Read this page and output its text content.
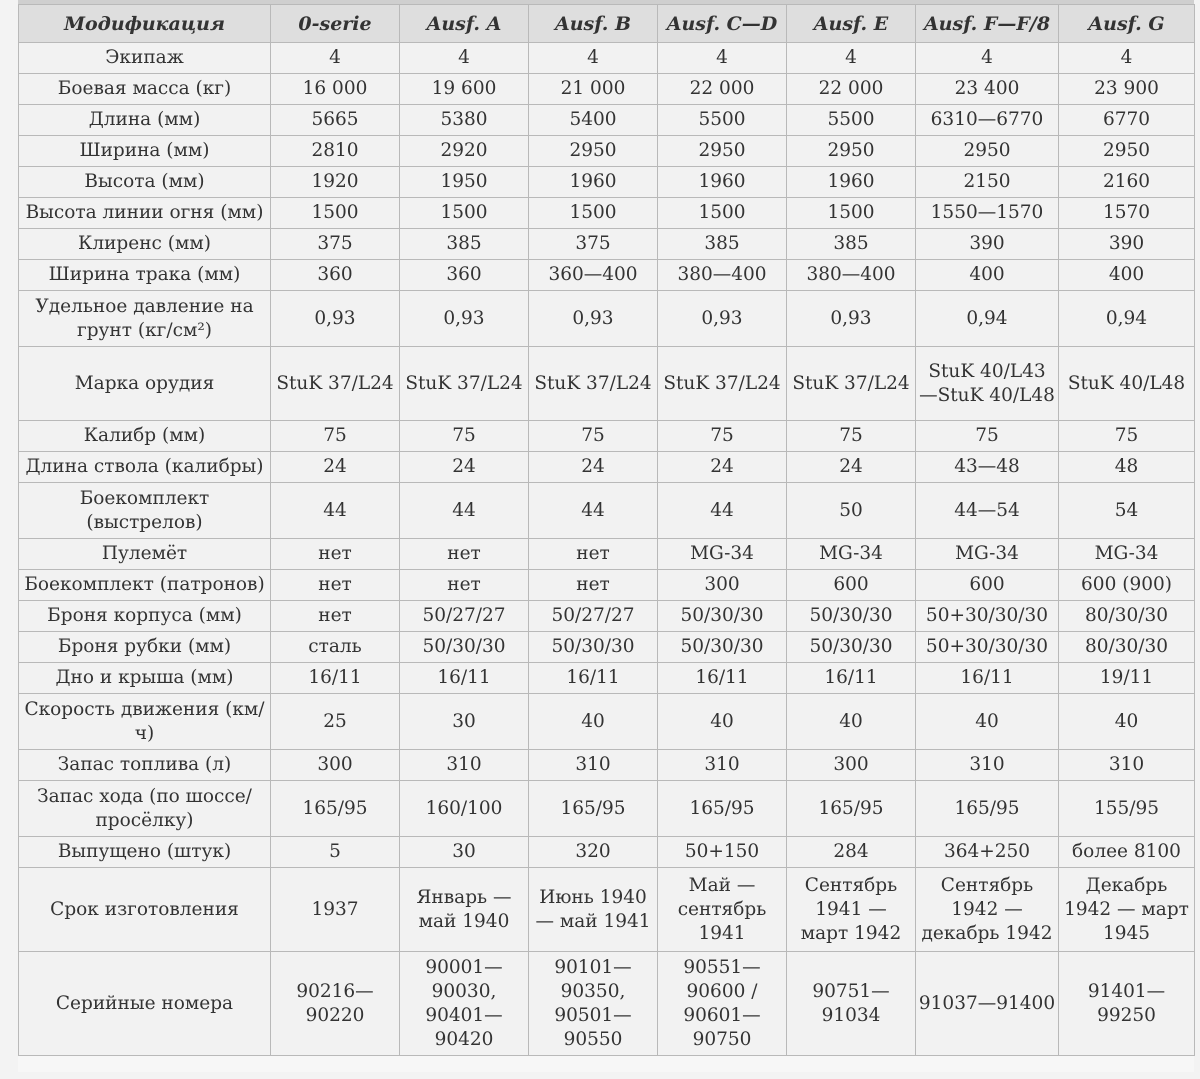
Модификация	0-serie	Ausf. A	Ausf. B	Ausf. C—D	Ausf. E	Ausf. F—F/8	Ausf. G
Экипаж	4	4	4	4	4	4	4
Боевая масса (кг)	16 000	19 600	21 000	22 000	22 000	23 400	23 900
Длина (мм)	5665	5380	5400	5500	5500	6310—6770	6770
Ширина (мм)	2810	2920	2950	2950	2950	2950	2950
Высота (мм)	1920	1950	1960	1960	1960	2150	2160
Высота линии огня (мм)	1500	1500	1500	1500	1500	1550—1570	1570
Клиренс (мм)	375	385	375	385	385	390	390
Ширина трака (мм)	360	360	360—400	380—400	380—400	400	400
Удельное давление на грунт (кг/см²)	0,93	0,93	0,93	0,93	0,93	0,94	0,94
Марка орудия	StuK 37/L24	StuK 37/L24	StuK 37/L24	StuK 37/L24	StuK 37/L24	StuK 40/L43 —StuK 40/L48	StuK 40/L48
Калибр (мм)	75	75	75	75	75	75	75
Длина ствола (калибры)	24	24	24	24	24	43—48	48
Боекомплект (выстрелов)	44	44	44	44	50	44—54	54
Пулемёт	нет	нет	нет	MG-34	MG-34	MG-34	MG-34
Боекомплект (патронов)	нет	нет	нет	300	600	600	600 (900)
Броня корпуса (мм)	нет	50/27/27	50/27/27	50/30/30	50/30/30	50+30/30/30	80/30/30
Броня рубки (мм)	сталь	50/30/30	50/30/30	50/30/30	50/30/30	50+30/30/30	80/30/30
Дно и крыша (мм)	16/11	16/11	16/11	16/11	16/11	16/11	19/11
Скорость движения (км/ч)	25	30	40	40	40	40	40
Запас топлива (л)	300	310	310	310	300	310	310
Запас хода (по шоссе/ просёлку)	165/95	160/100	165/95	165/95	165/95	165/95	155/95
Выпущено (штук)	5	30	320	50+150	284	364+250	более 8100
Срок изготовления	1937	Январь — май 1940	Июнь 1940 — май 1941	Май — сентябрь 1941	Сентябрь 1941 — март 1942	Сентябрь 1942 — декабрь 1942	Декабрь 1942 — март 1945
Серийные номера	90216— 90220	90001— 90030, 90401— 90420	90101— 90350, 90501— 90550	90551— 90600 / 90601— 90750	90751— 91034	91037—91400	91401— 99250
